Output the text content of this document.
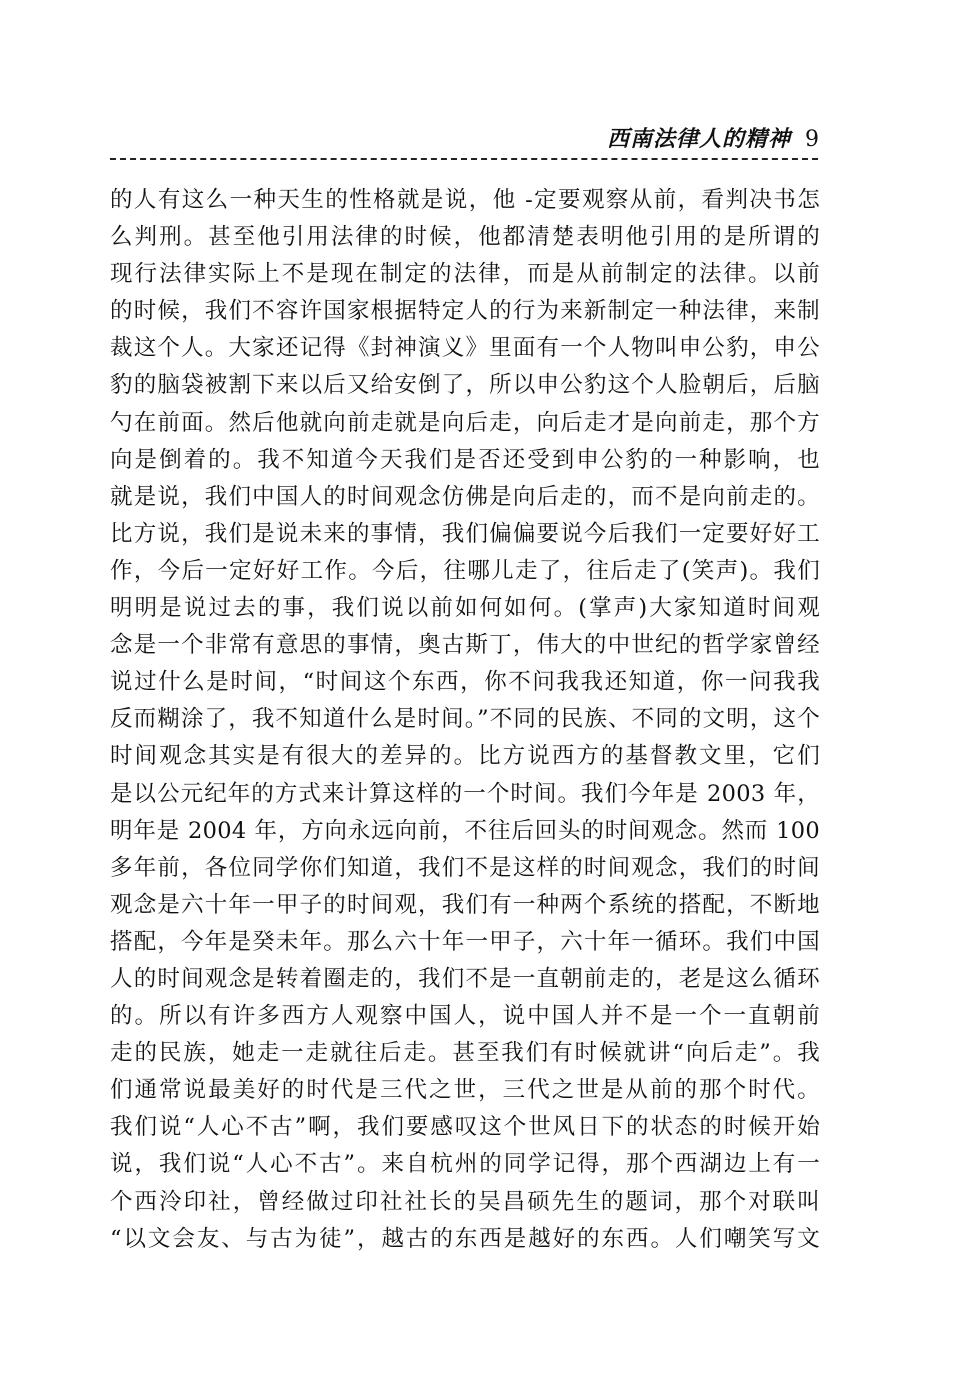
西南法律人的精神 9
的人有这么一种天生的性格就是说，他 -定要观察从前，看判决书怎
么判刑。甚至他引用法律的时候，他都清楚表明他引用的是所谓的
现行法律实际上不是现在制定的法律，而是从前制定的法律。以前
的时候，我们不容许国家根据特定人的行为来新制定一种法律，来制
裁这个人。大家还记得《封神演义》里面有一个人物叫申公豹，申公
豹的脑袋被割下来以后又给安倒了，所以申公豹这个人脸朝后，后脑
勺在前面。然后他就向前走就是向后走，向后走才是向前走，那个方
向是倒着的。我不知道今天我们是否还受到申公豹的一种影响，也
就是说，我们中国人的时间观念仿佛是向后走的，而不是向前走的。
比方说，我们是说未来的事情，我们偏偏要说今后我们一定要好好工
作，今后一定好好工作。今后，往哪儿走了，往后走了(笑声)。我们
明明是说过去的事，我们说以前如何如何。(掌声)大家知道时间观
念是一个非常有意思的事情，奥古斯丁，伟大的中世纪的哲学家曾经
说过什么是时间，“时间这个东西，你不问我我还知道，你一问我我
反而糊涂了，我不知道什么是时间。”不同的民族、不同的文明，这个
时间观念其实是有很大的差异的。比方说西方的基督教文里，它们
是以公元纪年的方式来计算这样的一个时间。我们今年是 2003 年，
明年是 2004 年，方向永远向前，不往后回头的时间观念。然而 100
多年前，各位同学你们知道，我们不是这样的时间观念，我们的时间
观念是六十年一甲子的时间观，我们有一种两个系统的搭配，不断地
搭配，今年是癸未年。那么六十年一甲子，六十年一循环。我们中国
人的时间观念是转着圈走的，我们不是一直朝前走的，老是这么循环
的。所以有许多西方人观察中国人，说中国人并不是一个一直朝前
走的民族，她走一走就往后走。甚至我们有时候就讲“向后走”。我
们通常说最美好的时代是三代之世，三代之世是从前的那个时代。
我们说“人心不古”啊，我们要感叹这个世风日下的状态的时候开始
说，我们说“人心不古”。来自杭州的同学记得，那个西湖边上有一
个西泠印社，曾经做过印社社长的吴昌硕先生的题词，那个对联叫
“以文会友、与古为徒”，越古的东西是越好的东西。人们嘲笑写文
